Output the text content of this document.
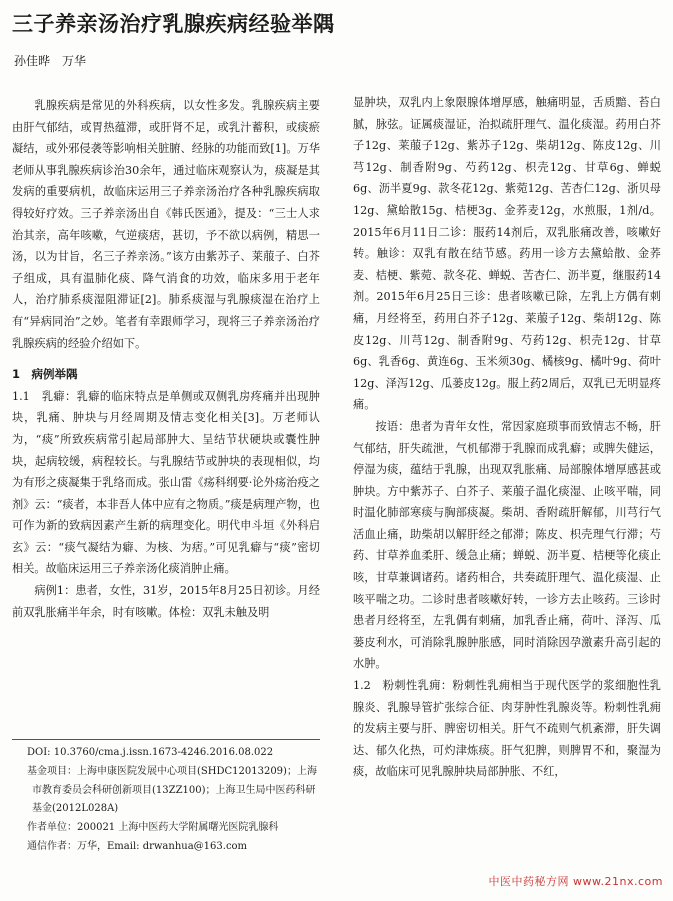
三子养亲汤治疗乳腺疾病经验举隅
孙佳晔　万华

乳腺疾病是常见的外科疾病，以女性多发。乳腺疾病主要由肝气郁结，或胃热蕴滞，或肝肾不足，或乳汁蓄积，或痰瘀凝结，或外邪侵袭等影响相关脏腑、经脉的功能而致[1]。万华老师从事乳腺疾病诊治30余年，通过临床观察认为，痰凝是其发病的重要病机，故临床运用三子养亲汤治疗各种乳腺疾病取得较好疗效。三子养亲汤出自《韩氏医通》，提及：“三士人求治其亲，高年咳嗽，气逆痰痞，甚切，予不欲以病例，精思一汤，以为甘旨，名三子养亲汤。”该方由紫苏子、莱菔子、白芥子组成，具有温肺化痰、降气消食的功效，临床多用于老年人，治疗肺系痰湿阻滞证[2]。肺系痰湿与乳腺痰湿在治疗上有“异病同治”之妙。笔者有幸跟师学习，现将三子养亲汤治疗乳腺疾病的经验介绍如下。

1　病例举隅

1.1　乳癖：乳癖的临床特点是单侧或双侧乳房疼痛并出现肿块，乳痛、肿块与月经周期及情志变化相关[3]。万老师认为，“痰”所致疾病常引起局部肿大、呈结节状硬块或囊性肿块，起病较缓，病程较长。与乳腺结节或肿块的表现相似，均为有形之痰凝集于乳络而成。张山雷《疡科纲要·论外疡治疫之剂》云：“痰者，本非吾人体中应有之物质。”痰是病理产物，也可作为新的致病因素产生新的病理变化。明代申斗垣《外科启玄》云：“痰气凝结为癖、为核、为痞。”可见乳癖与“痰”密切相关。故临床运用三子养亲汤化痰消肿止痛。

病例1：患者，女性，31岁，2015年8月25日初诊。月经前双乳胀痛半年余，时有咳嗽。体检：双乳未触及明

DOI: 10.3760/cma.j.issn.1673-4246.2016.08.022

基金项目：上海申康医院发展中心项目(SHDC12013209)；上海市教育委员会科研创新项目(13ZZ100)；上海卫生局中医药科研基金(2012L028A)

作者单位：200021 上海中医药大学附属曙光医院乳腺科

通信作者：万华，Email: drwanhua@163.com

显肿块，双乳内上象限腺体增厚感，触痛明显，舌质黯、苔白腻，脉弦。证属痰湿证，治拟疏肝理气、温化痰湿。药用白芥子12g、莱菔子12g、紫苏子12g、柴胡12g、陈皮12g、川芎12g、制香附9g、芍药12g、枳壳12g、甘草6g、蝉蜕6g、沥半夏9g、款冬花12g、紫菀12g、苦杏仁12g、浙贝母12g、黛蛤散15g、桔梗3g、金荞麦12g，水煎服，1剂/d。2015年6月11日二诊：服药14剂后，双乳胀痛改善，咳嗽好转。触诊：双乳有散在结节感。药用一诊方去黛蛤散、金荞麦、桔梗、紫菀、款冬花、蝉蜕、苦杏仁、沥半夏，继服药14剂。2015年6月25日三诊：患者咳嗽已除，左乳上方偶有刺痛，月经将至，药用白芥子12g、莱菔子12g、柴胡12g、陈皮12g、川芎12g、制香附9g、芍药12g、枳壳12g、甘草6g、乳香6g、黄连6g、玉米须30g、橘核9g、橘叶9g、荷叶12g、泽泻12g、瓜蒌皮12g。服上药2周后，双乳已无明显疼痛。

按语：患者为青年女性，常因家庭琐事而致情志不畅，肝气郁结，肝失疏泄，气机郁滞于乳腺而成乳癖；或脾失健运，停湿为痰，蕴结于乳腺，出现双乳胀痛、局部腺体增厚感甚或肿块。方中紫苏子、白芥子、莱菔子温化痰湿、止咳平喘，同时温化肺部寒痰与胸部痰凝。柴胡、香附疏肝解郁，川芎行气活血止痛，助柴胡以解肝经之郁滞；陈皮、枳壳理气行滞；芍药、甘草养血柔肝、缓急止痛；蝉蜕、沥半夏、桔梗等化痰止咳，甘草兼调诸药。诸药相合，共奏疏肝理气、温化痰湿、止咳平喘之功。二诊时患者咳嗽好转，一诊方去止咳药。三诊时患者月经将至，左乳偶有刺痛，加乳香止痛，荷叶、泽泻、瓜蒌皮利水，可消除乳腺肿胀感，同时消除因孕激素升高引起的水肿。

1.2　粉刺性乳痈：粉刺性乳痈相当于现代医学的浆细胞性乳腺炎、乳腺导管扩张综合征、肉芽肿性乳腺炎等。粉刺性乳痈的发病主要与肝、脾密切相关。肝气不疏则气机紊滞，肝失调达、郁久化热，可灼津炼痰。肝气犯脾，则脾胃不和，聚湿为痰，故临床可见乳腺肿块局部肿胀、不红，

中医中药秘方网 www.21nx.com
